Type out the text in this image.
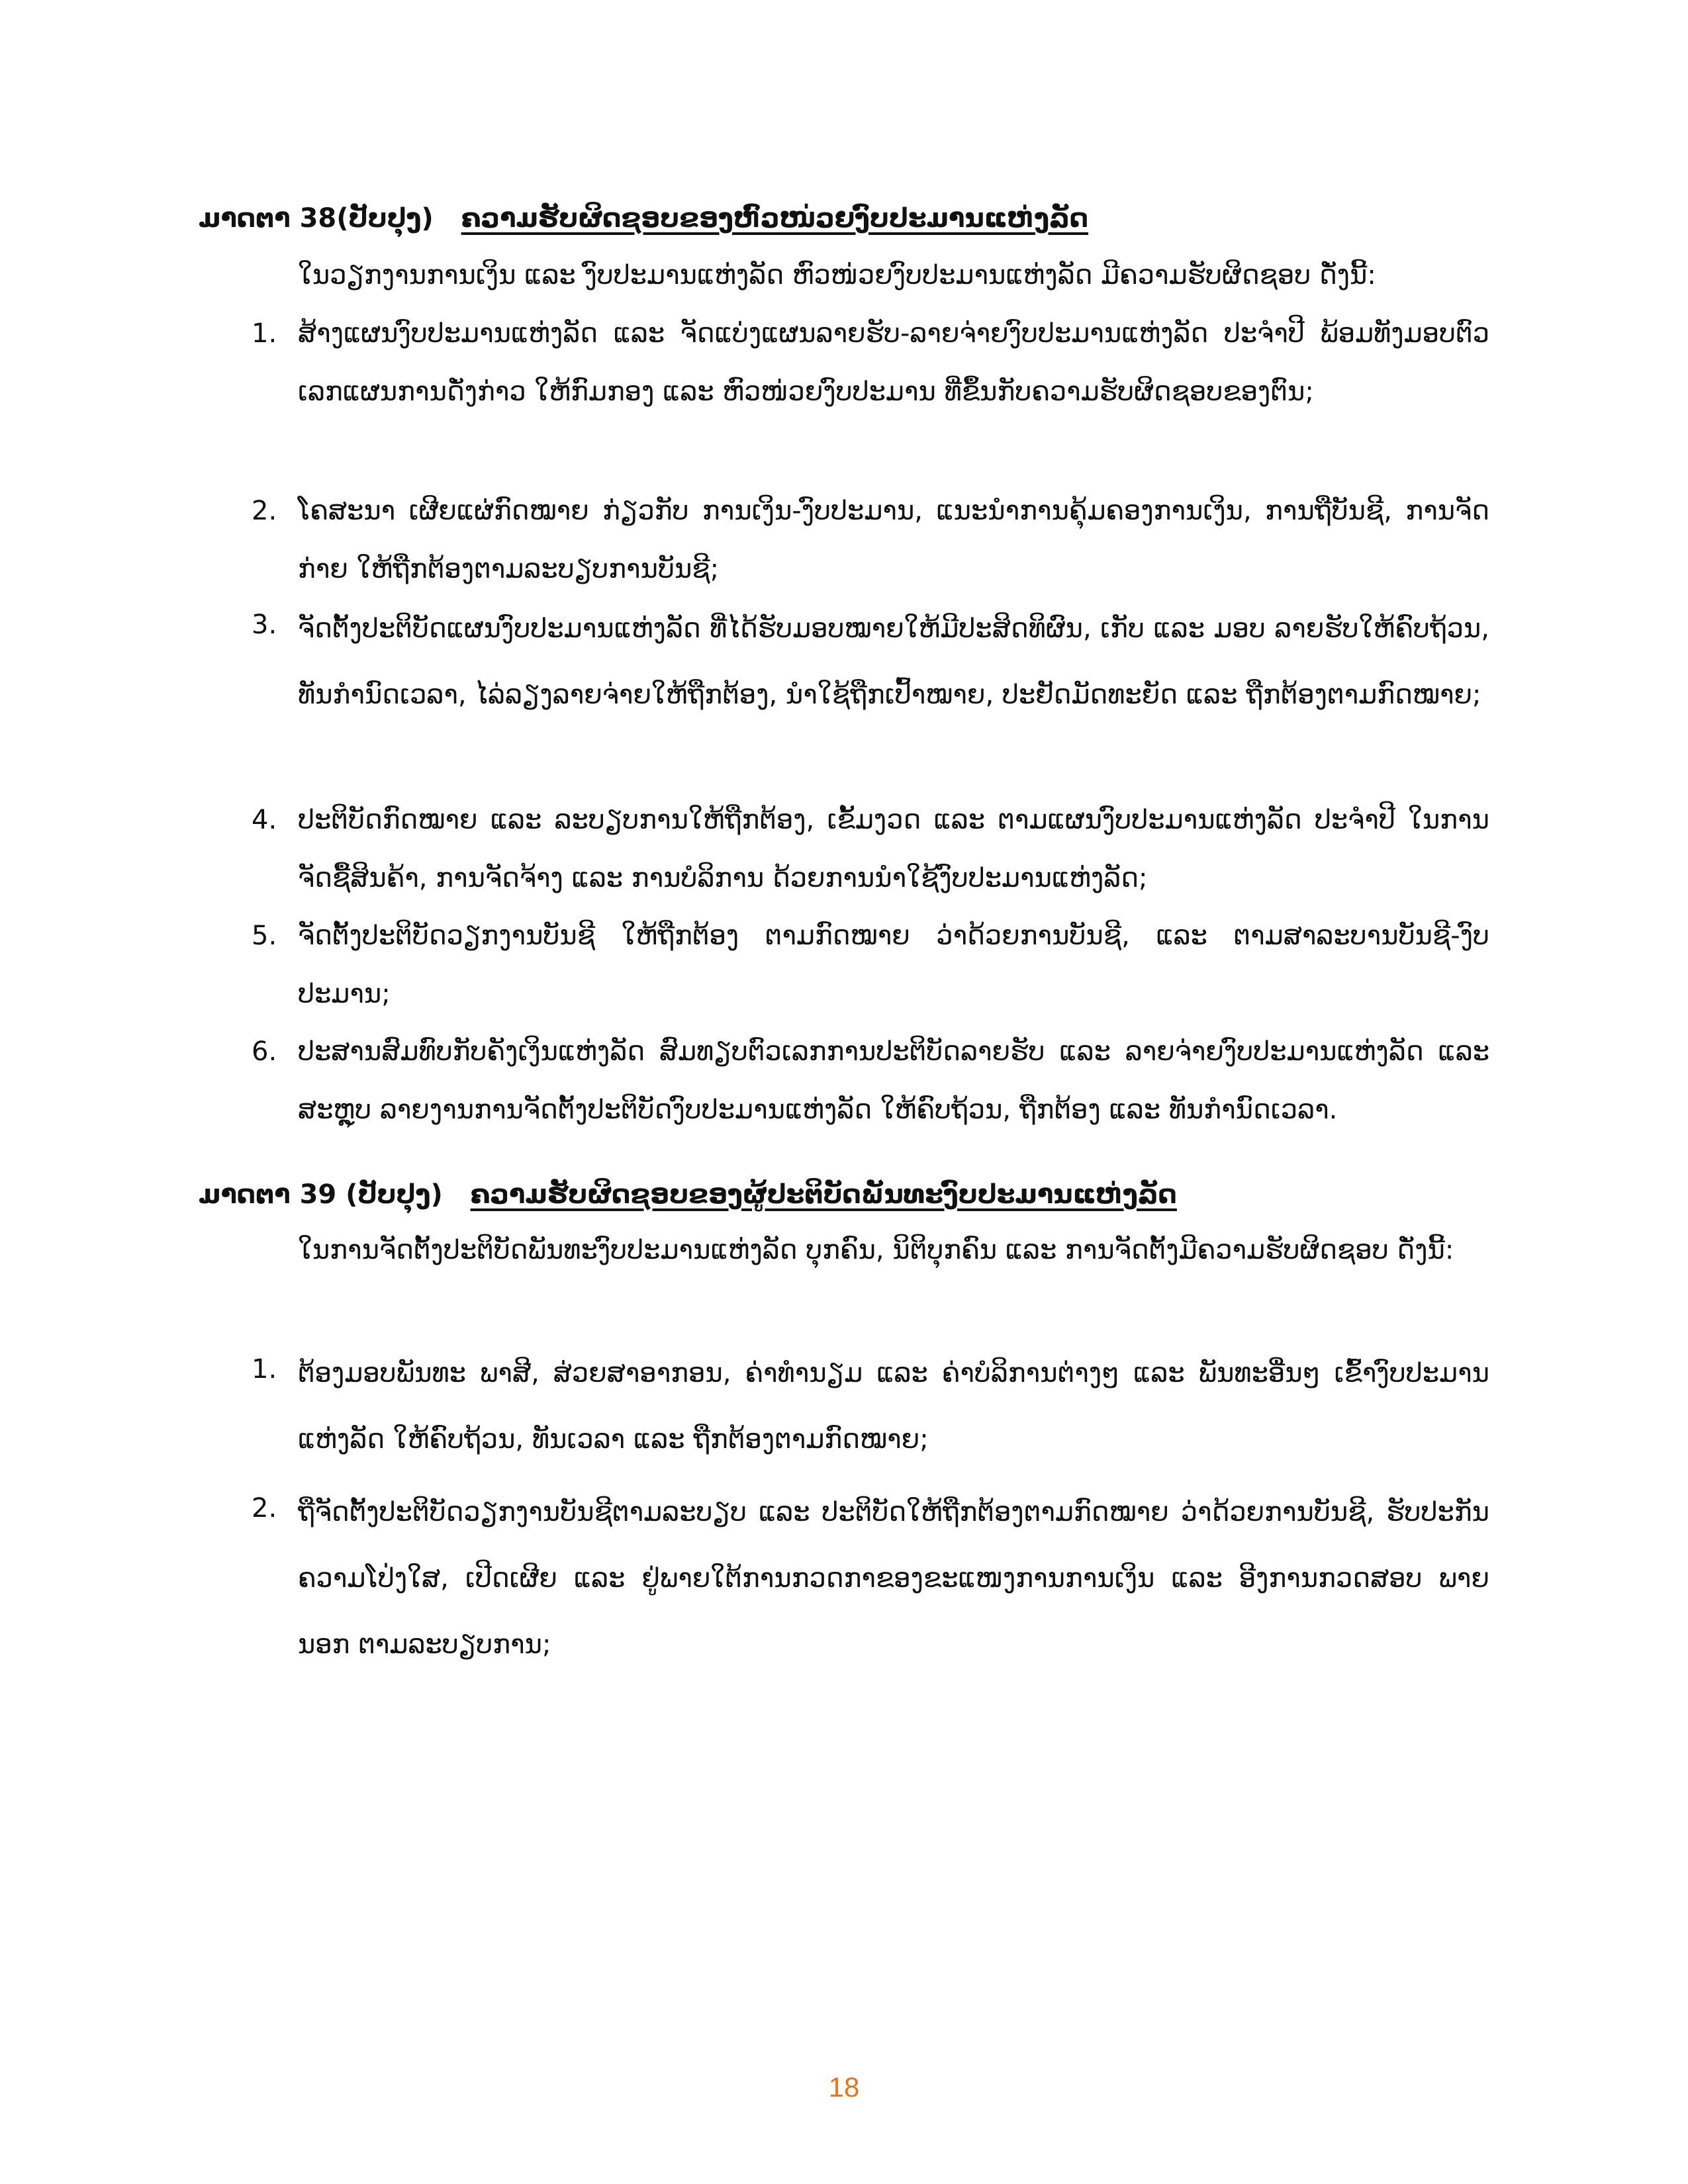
ມາດຕາ 38(ປັບປຸງ) ຄວາມຮັບຜິດຊອບຂອງຫົວໜ່ວຍງົບປະມານແຫ່ງລັດ
ໃນວຽກງານການເງິນ ແລະ ງົບປະມານແຫ່ງລັດ ຫົວໜ່ວຍງົບປະມານແຫ່ງລັດ ມີຄວາມຮັບຜິດຊອບ ດັ່ງນີ້:
1. ສ້າງແຜນງົບປະມານແຫ່ງລັດ ແລະ ຈັດແບ່ງແຜນລາຍຮັບ-ລາຍຈ່າຍງົບປະມານແຫ່ງລັດ ປະຈຳປີ ພ້ອມທັງມອບຕົວເລກແຜນການດັ່ງກ່າວ ໃຫ້ກົມກອງ ແລະ ຫົວໜ່ວຍງົບປະມານ ທີ່ຂຶ້ນກັບຄວາມຮັບຜິດຊອບຂອງຕົນ;
2. ໂຄສະນາ ເຜີຍແຜ່ກົດໝາຍ ກ່ຽວກັບ ການເງິນ-ງົບປະມານ, ແນະນຳການຄຸ້ມຄອງການເງິນ, ການຖືບັນຊີ, ການຈັດກ່າຍ ໃຫ້ຖືກຕ້ອງຕາມລະບຽບການບັນຊີ;
3. ຈັດຕັ້ງປະຕິບັດແຜນງົບປະມານແຫ່ງລັດ ທີ່ໄດ້ຮັບມອບໝາຍໃຫ້ມີປະສິດທິຜົນ, ເກັບ ແລະ ມອບ ລາຍຮັບໃຫ້ຄົບຖ້ວນ, ທັນກຳນົດເວລາ, ໄລ່ລຽງລາຍຈ່າຍໃຫ້ຖືກຕ້ອງ, ນຳໃຊ້ຖືກເປົ້າໝາຍ, ປະຢັດມັດທະຍັດ ແລະ ຖືກຕ້ອງຕາມກົດໝາຍ;
4. ປະຕິບັດກົດໝາຍ ແລະ ລະບຽບການໃຫ້ຖືກຕ້ອງ, ເຂັ້ມງວດ ແລະ ຕາມແຜນງົບປະມານແຫ່ງລັດ ປະຈຳປີ ໃນການຈັດຊື້ສິນຄ້າ, ການຈັດຈ້າງ ແລະ ການບໍລິການ ດ້ວຍການນຳໃຊ້ງົບປະມານແຫ່ງລັດ;
5. ຈັດຕັ້ງປະຕິບັດວຽກງານບັນຊີ ໃຫ້ຖືກຕ້ອງ ຕາມກົດໝາຍ ວ່າດ້ວຍການບັນຊີ, ແລະ ຕາມສາລະບານບັນຊີ-ງົບປະມານ;
6. ປະສານສົມທົບກັບຄັງເງິນແຫ່ງລັດ ສົມທຽບຕົວເລກການປະຕິບັດລາຍຮັບ ແລະ ລາຍຈ່າຍງົບປະມານແຫ່ງລັດ ແລະ ສະຫຼຸບ ລາຍງານການຈັດຕັ້ງປະຕິບັດງົບປະມານແຫ່ງລັດ ໃຫ້ຄົບຖ້ວນ, ຖືກຕ້ອງ ແລະ ທັນກຳນົດເວລາ.
ມາດຕາ 39 (ປັບປຸງ) ຄວາມຮັບຜິດຊອບຂອງຜູ້ປະຕິບັດພັນທະງົບປະມານແຫ່ງລັດ
ໃນການຈັດຕັ້ງປະຕິບັດພັນທະງົບປະມານແຫ່ງລັດ ບຸກຄົນ, ນິຕິບຸກຄົນ ແລະ ການຈັດຕັ້ງມີຄວາມຮັບຜິດຊອບ ດັ່ງນີ້:
1. ຕ້ອງມອບພັນທະ ພາສີ, ສ່ວຍສາອາກອນ, ຄ່າທຳນຽມ ແລະ ຄ່າບໍລິການຕ່າງໆ ແລະ ພັນທະອື່ນໆ ເຂົ້າງົບປະມານແຫ່ງລັດ ໃຫ້ຄົບຖ້ວນ, ທັນເວລາ ແລະ ຖືກຕ້ອງຕາມກົດໝາຍ;
2. ຖືຈັດຕັ້ງປະຕິບັດວຽກງານບັນຊີຕາມລະບຽບ ແລະ ປະຕິບັດໃຫ້ຖືກຕ້ອງຕາມກົດໝາຍ ວ່າດ້ວຍການບັນຊີ, ຮັບປະກັນຄວາມໂປ່ງໃສ, ເປີດເຜີຍ ແລະ ຢູ່ພາຍໃຕ້ການກວດກາຂອງຂະແໜງການການເງິນ ແລະ ອີງການກວດສອບ ພາຍນອກ ຕາມລະບຽບການ;
18
